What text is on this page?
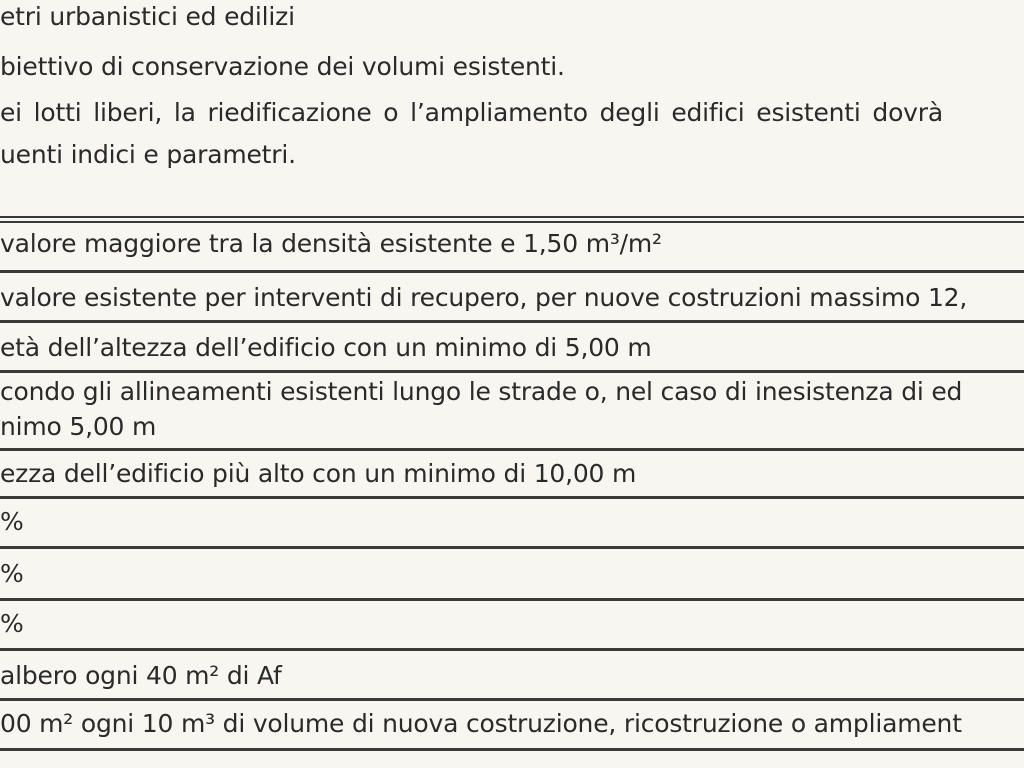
etri urbanistici ed edilizi
biettivo di conservazione dei volumi esistenti.
ei lotti liberi, la riedificazione o l’ampliamento degli edifici esistenti dovrà
uenti indici e parametri.
valore maggiore tra la densità esistente e 1,50 m³/m²
valore esistente per interventi di recupero, per nuove costruzioni massimo 12,
età dell’altezza dell’edificio con un minimo di 5,00 m
condo gli allineamenti esistenti lungo le strade o, nel caso di inesistenza di ed
nimo 5,00 m
ezza dell’edificio più alto con un minimo di 10,00 m
%
%
%
albero ogni 40 m² di Af
00 m² ogni 10 m³ di volume di nuova costruzione, ricostruzione o ampliament
